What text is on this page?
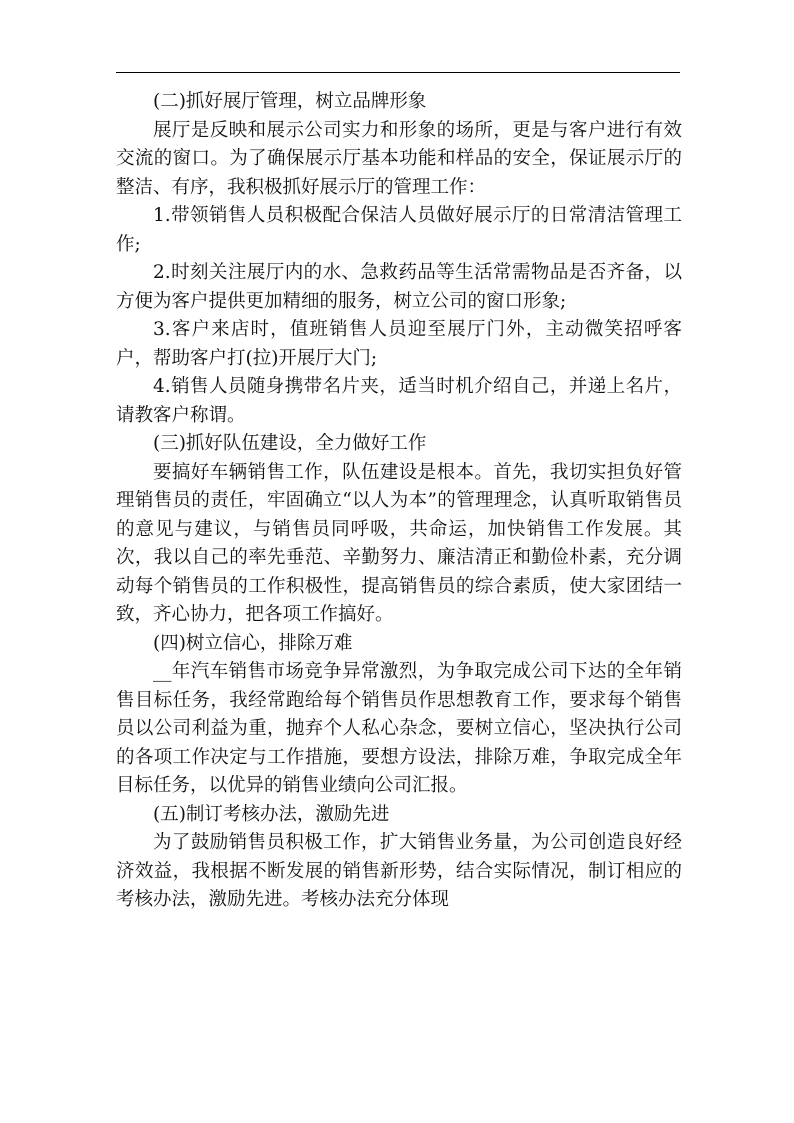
(二)抓好展厅管理，树立品牌形象

展厅是反映和展示公司实力和形象的场所，更是与客户进行有效交流的窗口。为了确保展示厅基本功能和样品的安全，保证展示厅的整洁、有序，我积极抓好展示厅的管理工作：

1.带领销售人员积极配合保洁人员做好展示厅的日常清洁管理工作;

2.时刻关注展厅内的水、急救药品等生活常需物品是否齐备，以方便为客户提供更加精细的服务，树立公司的窗口形象;

3.客户来店时，值班销售人员迎至展厅门外，主动微笑招呼客户，帮助客户打(拉)开展厅大门;

4.销售人员随身携带名片夹，适当时机介绍自己，并递上名片，请教客户称谓。

(三)抓好队伍建设，全力做好工作

要搞好车辆销售工作，队伍建设是根本。首先，我切实担负好管理销售员的责任，牢固确立“以人为本”的管理理念，认真听取销售员的意见与建议，与销售员同呼吸，共命运，加快销售工作发展。其次，我以自己的率先垂范、辛勤努力、廉洁清正和勤俭朴素，充分调动每个销售员的工作积极性，提高销售员的综合素质，使大家团结一致，齐心协力，把各项工作搞好。

(四)树立信心，排除万难

__年汽车销售市场竞争异常激烈，为争取完成公司下达的全年销售目标任务，我经常跑给每个销售员作思想教育工作，要求每个销售员以公司利益为重，抛弃个人私心杂念，要树立信心，坚决执行公司的各项工作决定与工作措施，要想方设法，排除万难，争取完成全年目标任务，以优异的销售业绩向公司汇报。

(五)制订考核办法，激励先进

为了鼓励销售员积极工作，扩大销售业务量，为公司创造良好经济效益，我根据不断发展的销售新形势，结合实际情况，制订相应的考核办法，激励先进。考核办法充分体现
